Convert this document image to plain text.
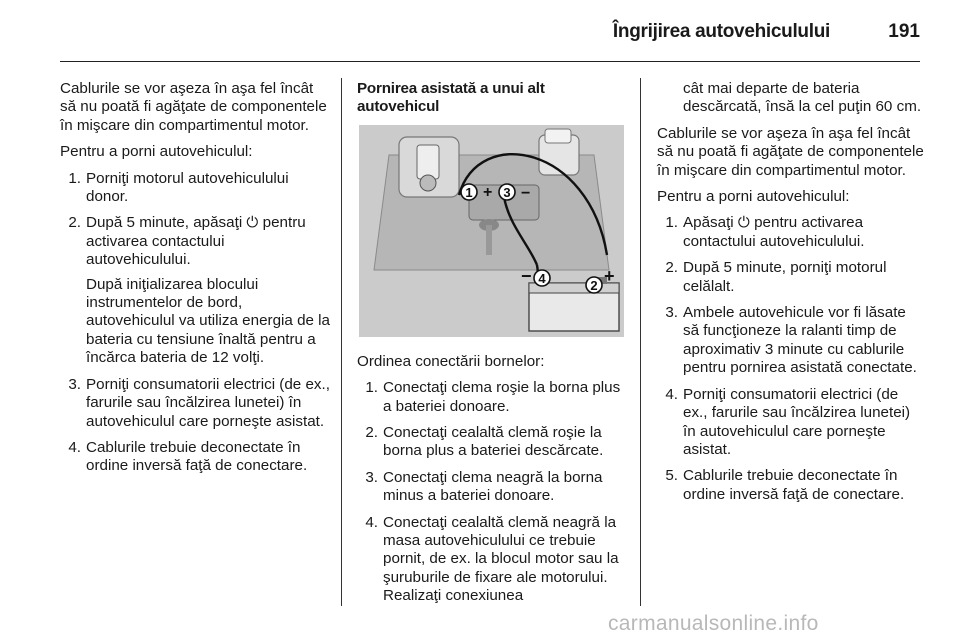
Îngrijirea autovehiculului	191

Cablurile se vor aşeza în aşa fel încât să nu poată fi agăţate de componentele în mişcare din compartimentul motor.

Pentru a porni autovehiculul:

1. Porniţi motorul autovehiculului donor.
2. După 5 minute, apăsaţi ⏻ pentru activarea contactului autovehiculului.
După iniţializarea blocului instrumentelor de bord, autovehiculul va utiliza energia de la bateria cu tensiune înaltă pentru a încărca bateria de 12 volţi.
3. Porniţi consumatorii electrici (de ex., farurile sau încălzirea lunetei) în autovehiculul care porneşte asistat.
4. Cablurile trebuie deconectate în ordine inversă faţă de conectare.
Pornirea asistată a unui alt autovehicul
1 3
4	2
+
+
−
−

Ordinea conectării bornelor:

1. Conectaţi clema roşie la borna plus a bateriei donoare.
2. Conectaţi cealaltă clemă roşie la borna plus a bateriei descărcate.
3. Conectaţi clema neagră la borna minus a bateriei donoare.
4. Conectaţi cealaltă clemă neagră la masa autovehiculului ce trebuie pornit, de ex. la blocul motor sau la şuruburile de fixare ale motorului. Realizaţi conexiunea

cât mai departe de bateria descărcată, însă la cel puţin 60 cm.

Cablurile se vor aşeza în aşa fel încât să nu poată fi agăţate de componentele în mişcare din compartimentul motor.

Pentru a porni autovehiculul:

1. Apăsaţi ⏻ pentru activarea contactului autovehiculului.
2. După 5 minute, porniţi motorul celălalt.
3. Ambele autovehicule vor fi lăsate să funcţioneze la ralanti timp de aproximativ 3 minute cu cablurile pentru pornirea asistată conectate.
4. Porniţi consumatorii electrici (de ex., farurile sau încălzirea lunetei) în autovehiculul care porneşte asistat.
5. Cablurile trebuie deconectate în ordine inversă faţă de conectare.
carmanualsonline.info
